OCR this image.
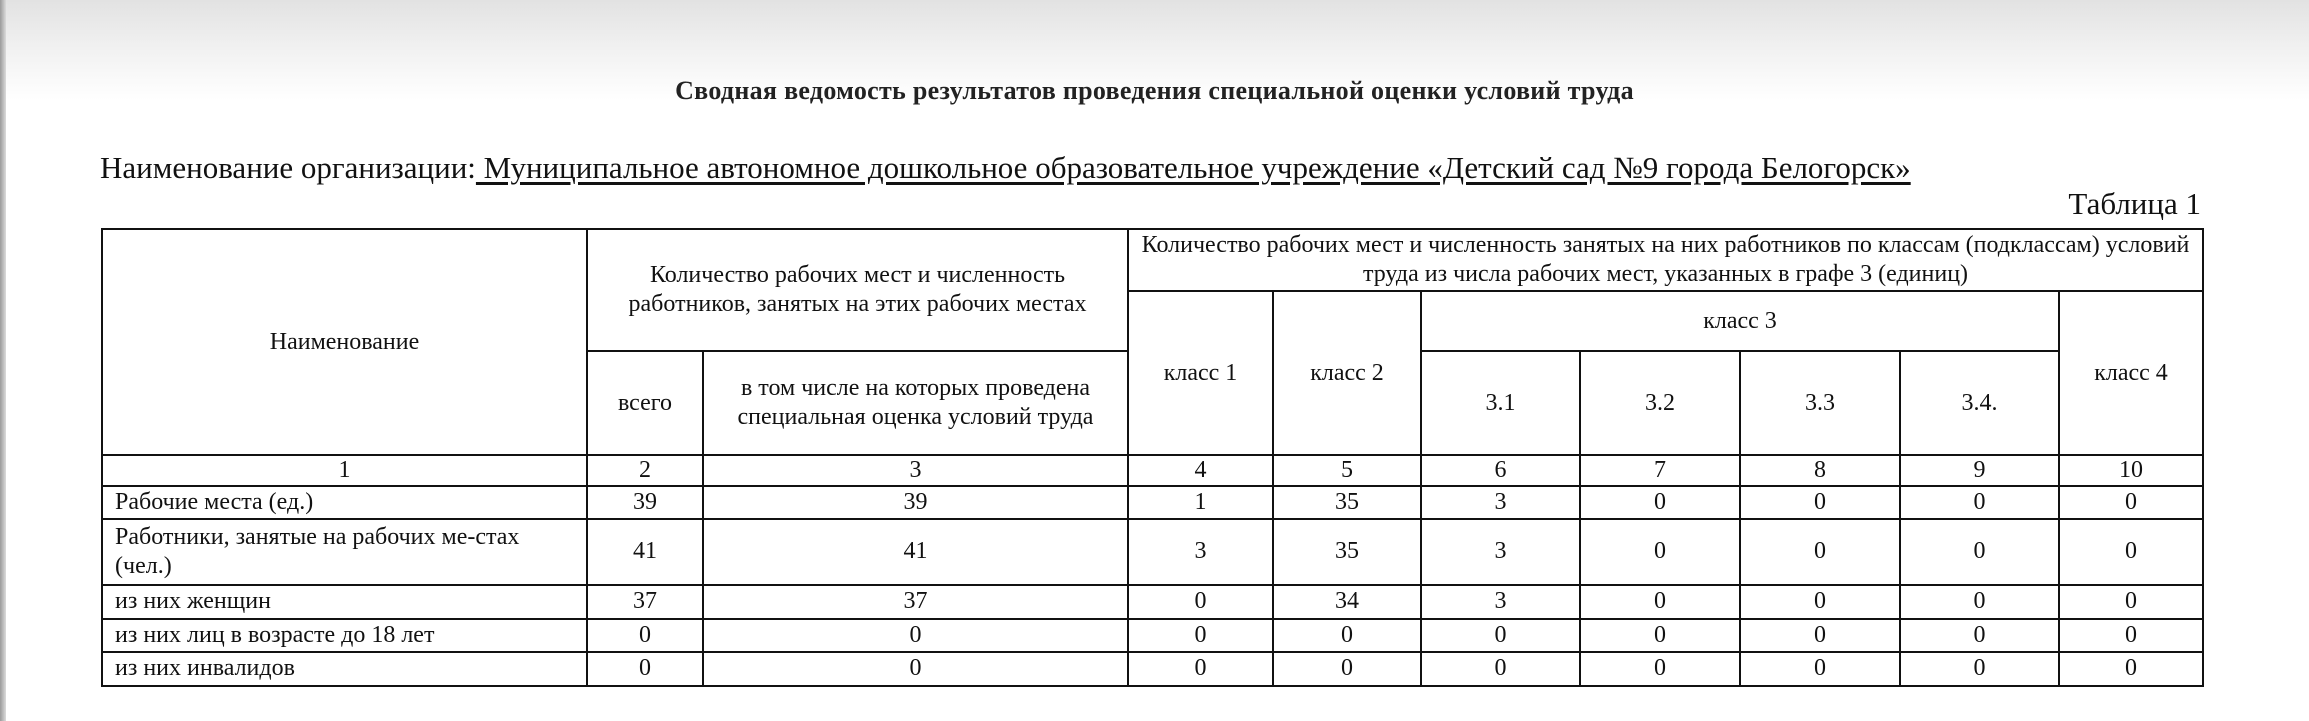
Сводная ведомость результатов проведения специальной оценки условий труда
Наименование организации: Муниципальное автономное дошкольное образовательное учреждение «Детский сад №9 города Белогорск»
Таблица 1
Наименование	Количество рабочих мест и численность работников, занятых на этих рабочих местах		Количество рабочих мест и численность занятых на них работников по классам (подклассам) условий труда из числа рабочих мест, указанных в графе 3 (единиц)						
			класс 1	класс 2	класс 3				класс 4
	всего	в том числе на которых проведена специальная оценка условий труда			3.1	3.2	3.3	3.4.	
1	2	3	4	5	6	7	8	9	10
Рабочие места (ед.)	39	39	1	35	3	0	0	0	0
Работники, занятые на рабочих ме-стах (чел.)	41	41	3	35	3	0	0	0	0
из них женщин	37	37	0	34	3	0	0	0	0
из них лиц в возрасте до 18 лет	0	0	0	0	0	0	0	0	0
из них инвалидов	0	0	0	0	0	0	0	0	0
